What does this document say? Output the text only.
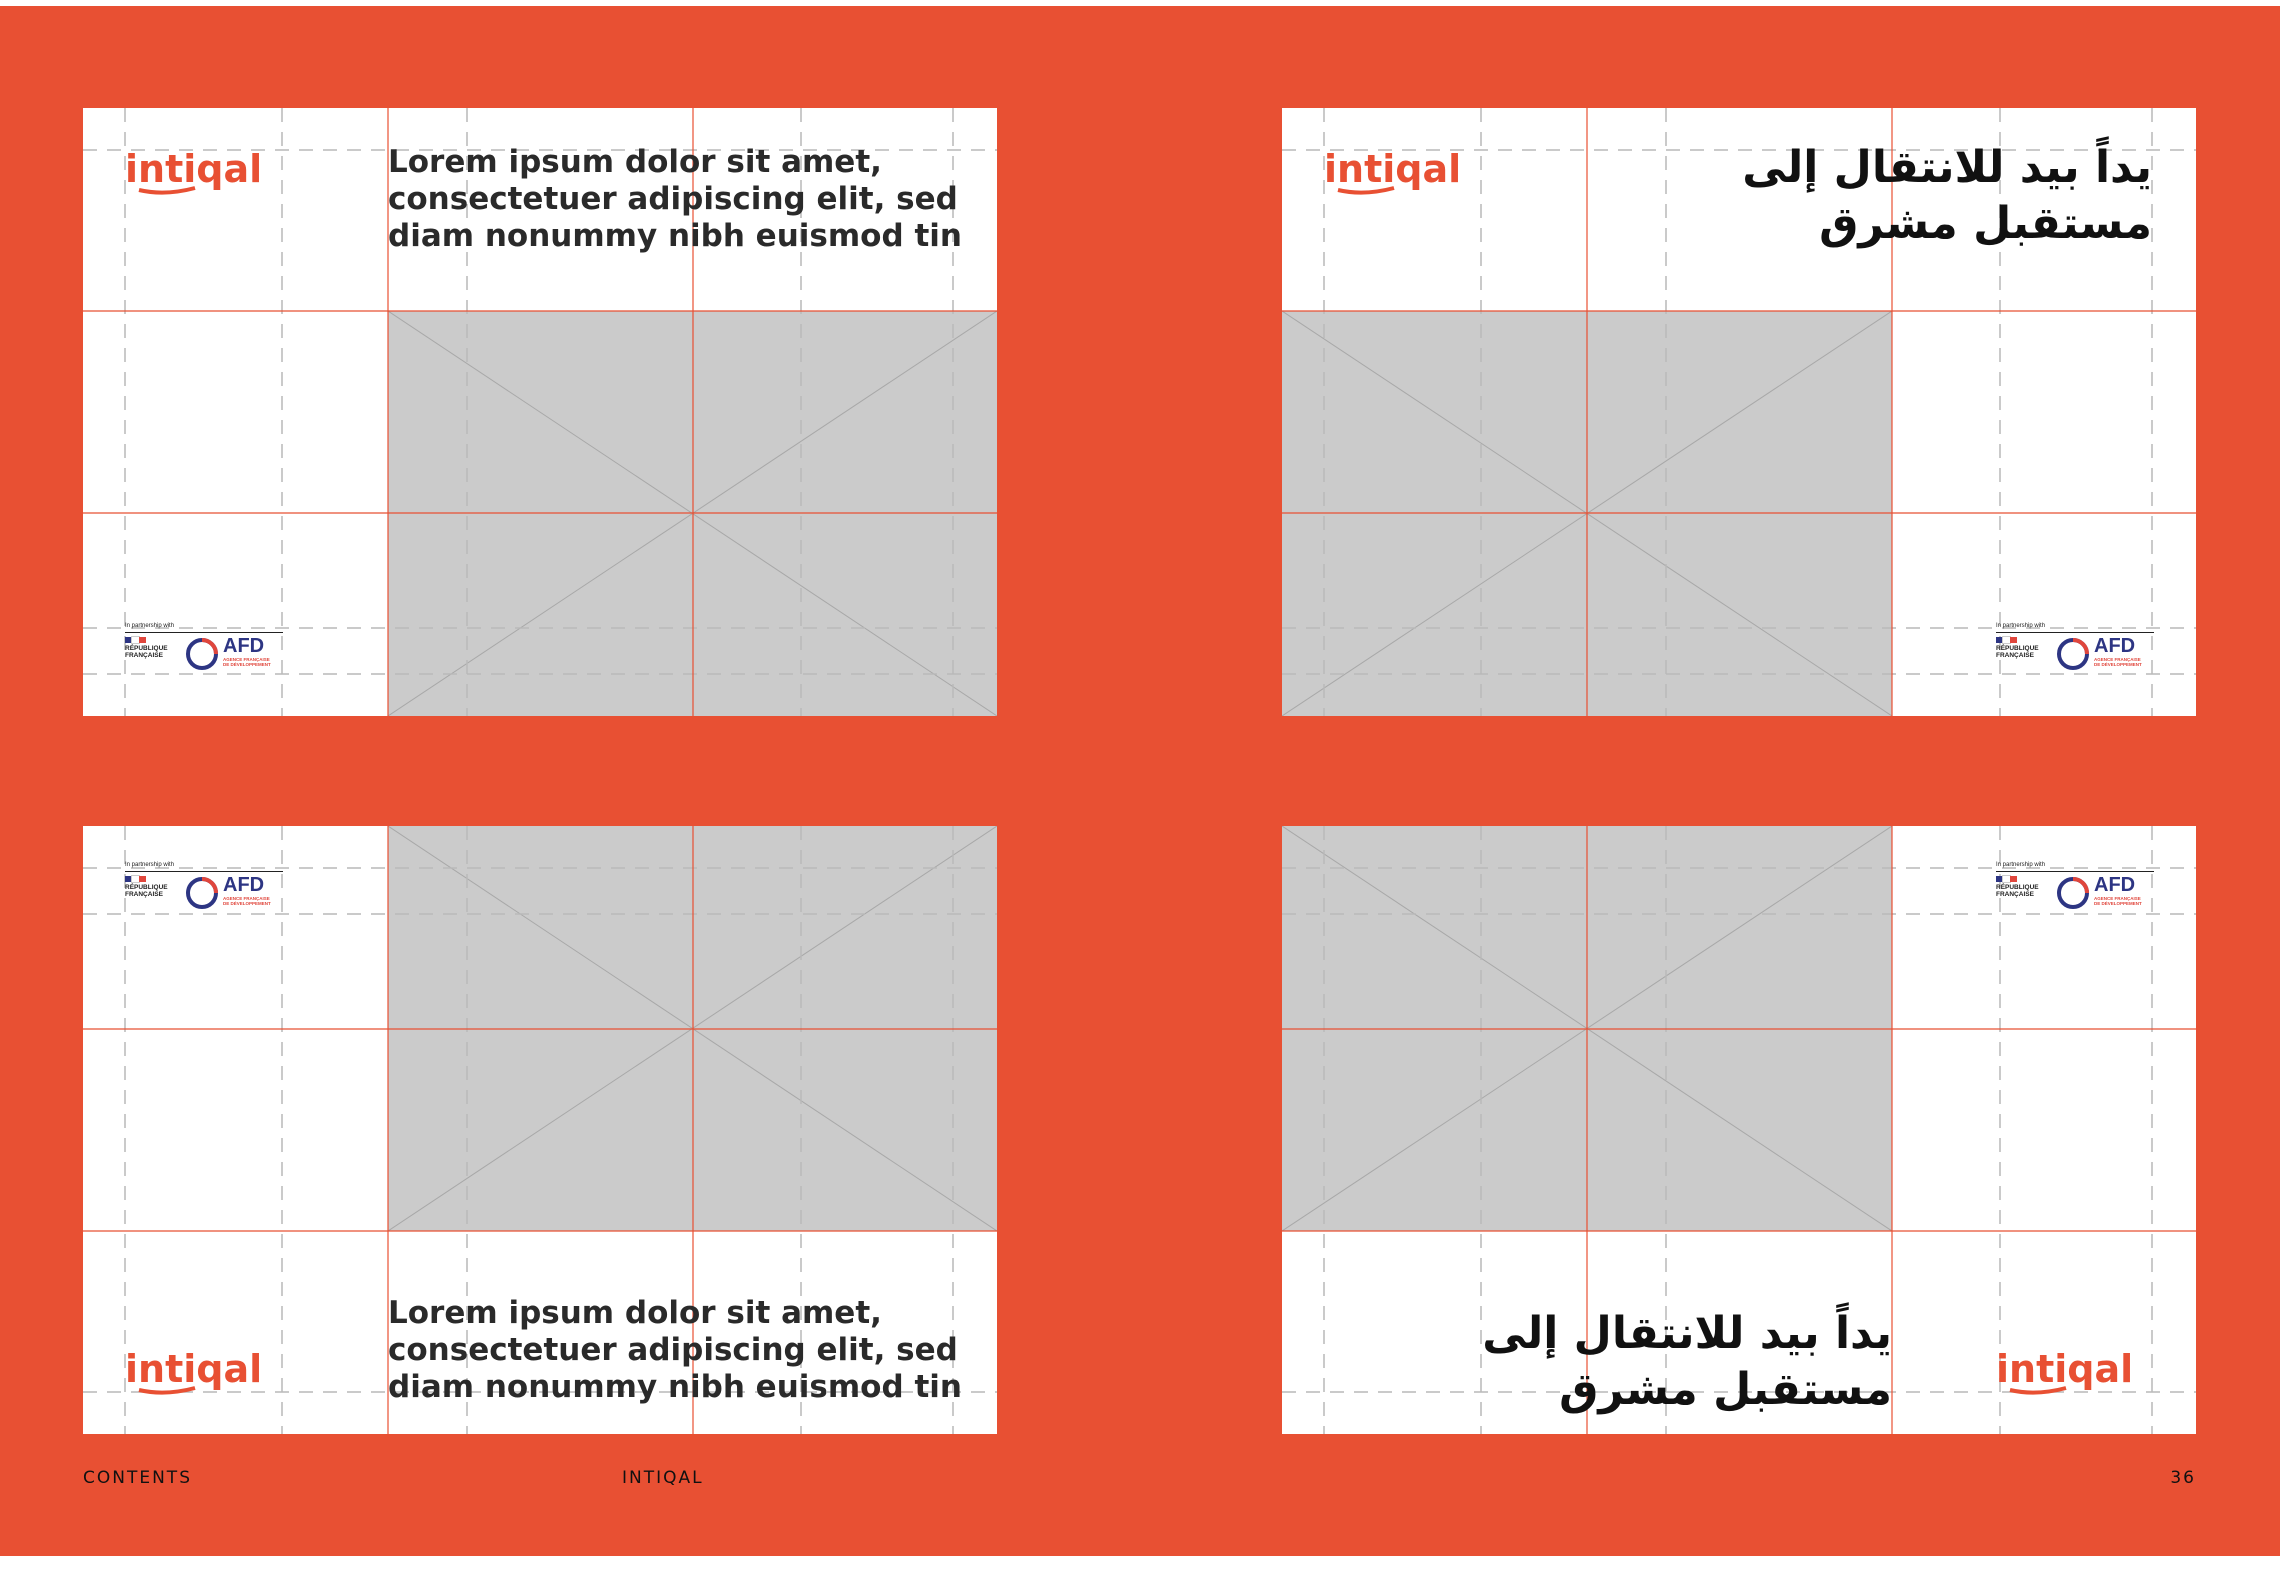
intiqal	Lorem ipsum dolor sit amet,
consectetuer adipiscing elit, sed
diam nonummy nibh euismod tin
In partnership with
RÉPUBLIQUE
FRANÇAISE	AFD
AGENCE FRANÇAISE
DE DÉVELOPPEMENT
intiqal	يداً بيد للانتقال إلى
مستقبل مشرق
In partnership with
RÉPUBLIQUE
FRANÇAISE	AFD
AGENCE FRANÇAISE
DE DÉVELOPPEMENT
In partnership with
RÉPUBLIQUE
FRANÇAISE	AFD
AGENCE FRANÇAISE
DE DÉVELOPPEMENT
intiqal
Lorem ipsum dolor sit amet,
consectetuer adipiscing elit, sed
diam nonummy nibh euismod tin
In partnership with
RÉPUBLIQUE
FRANÇAISE	AFD
AGENCE FRANÇAISE
DE DÉVELOPPEMENT
يداً بيد للانتقال إلى
مستقبل مشرق	intiqal
CONTENTS	INTIQAL	36
